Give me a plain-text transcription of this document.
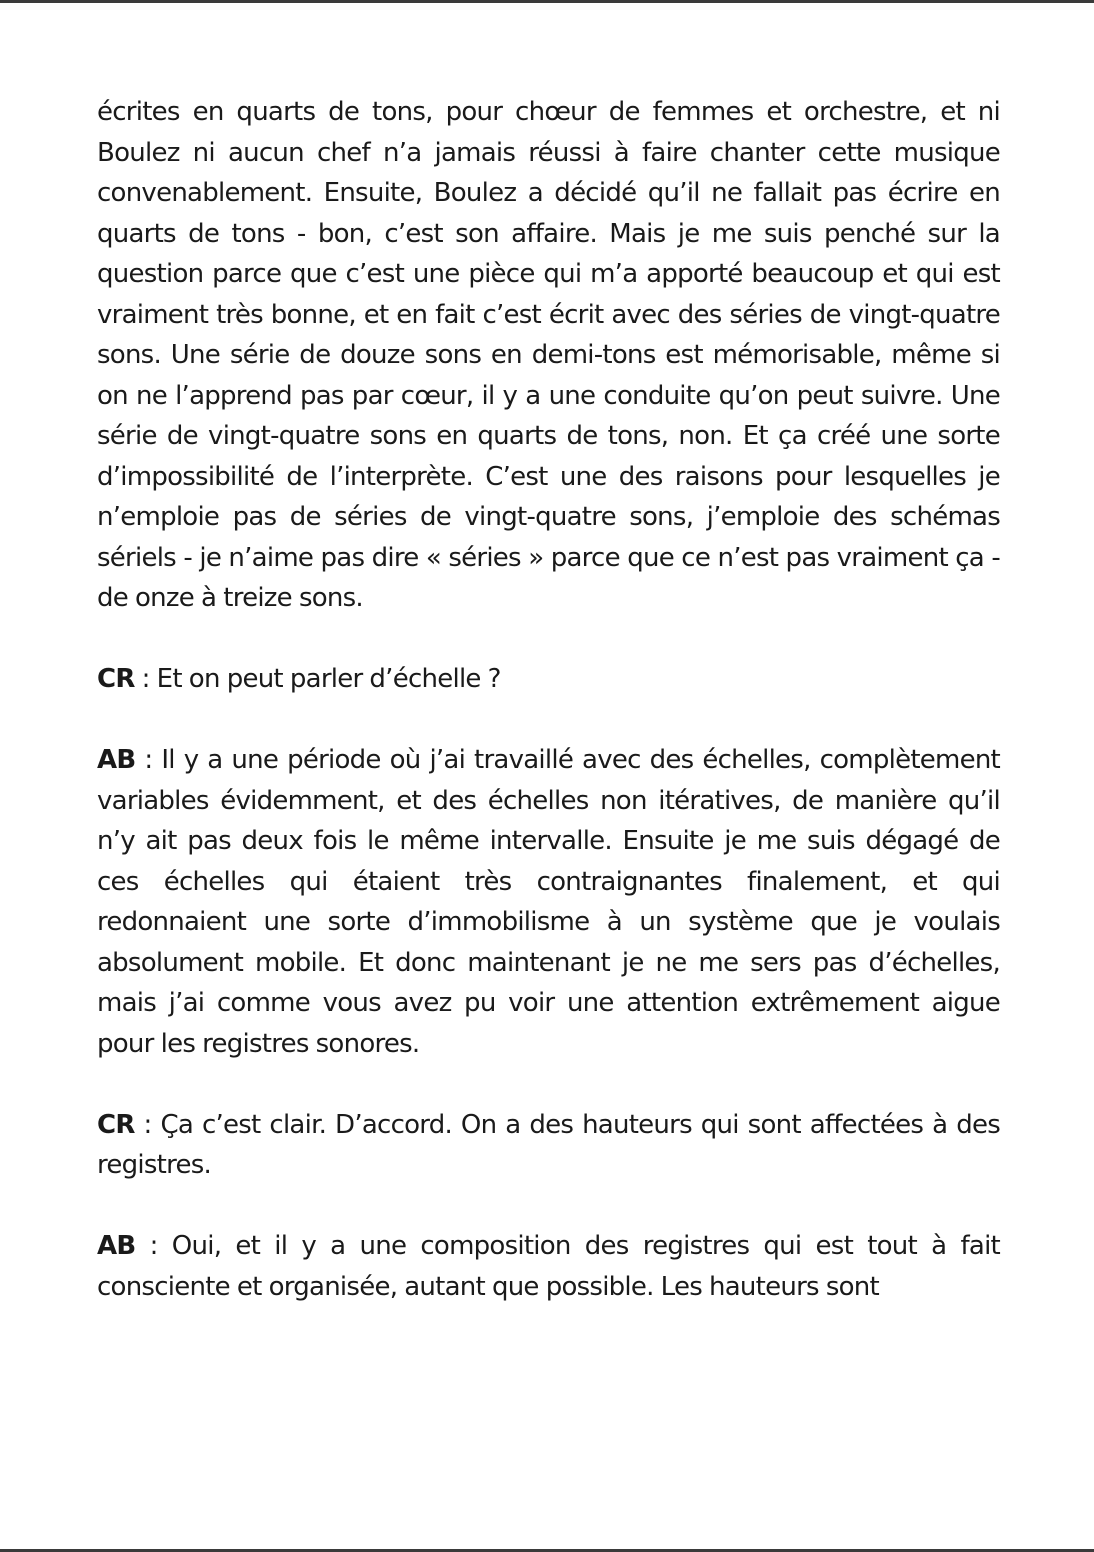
écrites en quarts de tons, pour chœur de femmes et orchestre, et ni Boulez ni aucun chef n’a jamais réussi à faire chanter cette musique convenablement. Ensuite, Boulez a décidé qu’il ne fallait pas écrire en quarts de tons - bon, c’est son affaire. Mais je me suis penché sur la question parce que c’est une pièce qui m’a apporté beaucoup et qui est vraiment très bonne, et en fait c’est écrit avec des séries de vingt-quatre sons. Une série de douze sons en demi-tons est mémorisable, même si on ne l’apprend pas par cœur, il y a une conduite qu’on peut suivre. Une série de vingt-quatre sons en quarts de tons, non. Et ça créé une sorte d’impossibilité de l’interprète. C’est une des raisons pour lesquelles je n’emploie pas de séries de vingt-quatre sons, j’emploie des schémas sériels - je n’aime pas dire « séries » parce que ce n’est pas vraiment ça - de onze à treize sons.

CR : Et on peut parler d’échelle ?

AB : Il y a une période où j’ai travaillé avec des échelles, complètement variables évidemment, et des échelles non itératives, de manière qu’il n’y ait pas deux fois le même intervalle. Ensuite je me suis dégagé de ces échelles qui étaient très contraignantes finalement, et qui redonnaient une sorte d’immobilisme à un système que je voulais absolument mobile. Et donc maintenant je ne me sers pas d’échelles, mais j’ai comme vous avez pu voir une attention extrêmement aigue pour les registres sonores.

CR : Ça c’est clair. D’accord. On a des hauteurs qui sont affectées à des registres.

AB : Oui, et il y a une composition des registres qui est tout à fait consciente et organisée, autant que possible. Les hauteurs sont
